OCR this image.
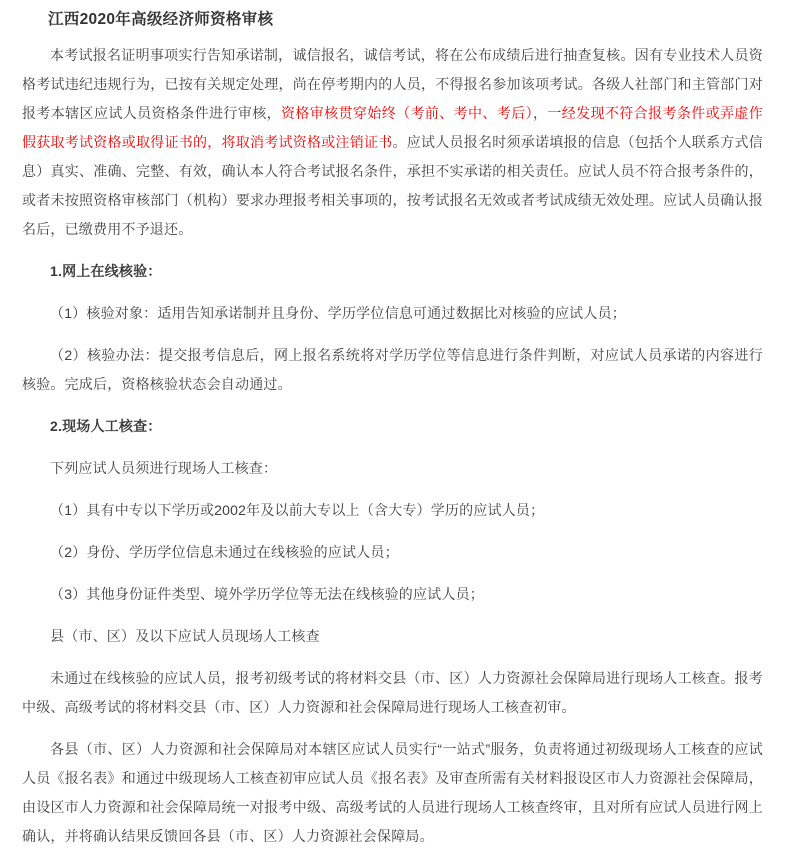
江西2020年高级经济师资格审核

本考试报名证明事项实行告知承诺制，诚信报名，诚信考试，将在公布成绩后进行抽查复核。因有专业技术人员资格考试违纪违规行为，已按有关规定处理，尚在停考期内的人员，不得报名参加该项考试。各级人社部门和主管部门对报考本辖区应试人员资格条件进行审核，资格审核贯穿始终（考前、考中、考后），一经发现不符合报考条件或弄虚作假获取考试资格或取得证书的，将取消考试资格或注销证书。应试人员报名时须承诺填报的信息（包括个人联系方式信息）真实、准确、完整、有效，确认本人符合考试报名条件，承担不实承诺的相关责任。应试人员不符合报考条件的，或者未按照资格审核部门（机构）要求办理报考相关事项的，按考试报名无效或者考试成绩无效处理。应试人员确认报名后，已缴费用不予退还。

1.网上在线核验：

（1）核验对象：适用告知承诺制并且身份、学历学位信息可通过数据比对核验的应试人员；

（2）核验办法：提交报考信息后，网上报名系统将对学历学位等信息进行条件判断，对应试人员承诺的内容进行核验。完成后，资格核验状态会自动通过。

2.现场人工核查：

下列应试人员须进行现场人工核查：

（1）具有中专以下学历或2002年及以前大专以上（含大专）学历的应试人员；

（2）身份、学历学位信息未通过在线核验的应试人员；

（3）其他身份证件类型、境外学历学位等无法在线核验的应试人员；

县（市、区）及以下应试人员现场人工核查

未通过在线核验的应试人员，报考初级考试的将材料交县（市、区）人力资源社会保障局进行现场人工核查。报考中级、高级考试的将材料交县（市、区）人力资源和社会保障局进行现场人工核查初审。

各县（市、区）人力资源和社会保障局对本辖区应试人员实行“一站式”服务，负责将通过初级现场人工核查的应试人员《报名表》和通过中级现场人工核查初审应试人员《报名表》及审查所需有关材料报设区市人力资源社会保障局，由设区市人力资源和社会保障局统一对报考中级、高级考试的人员进行现场人工核查终审，且对所有应试人员进行网上确认，并将确认结果反馈回各县（市、区）人力资源社会保障局。
